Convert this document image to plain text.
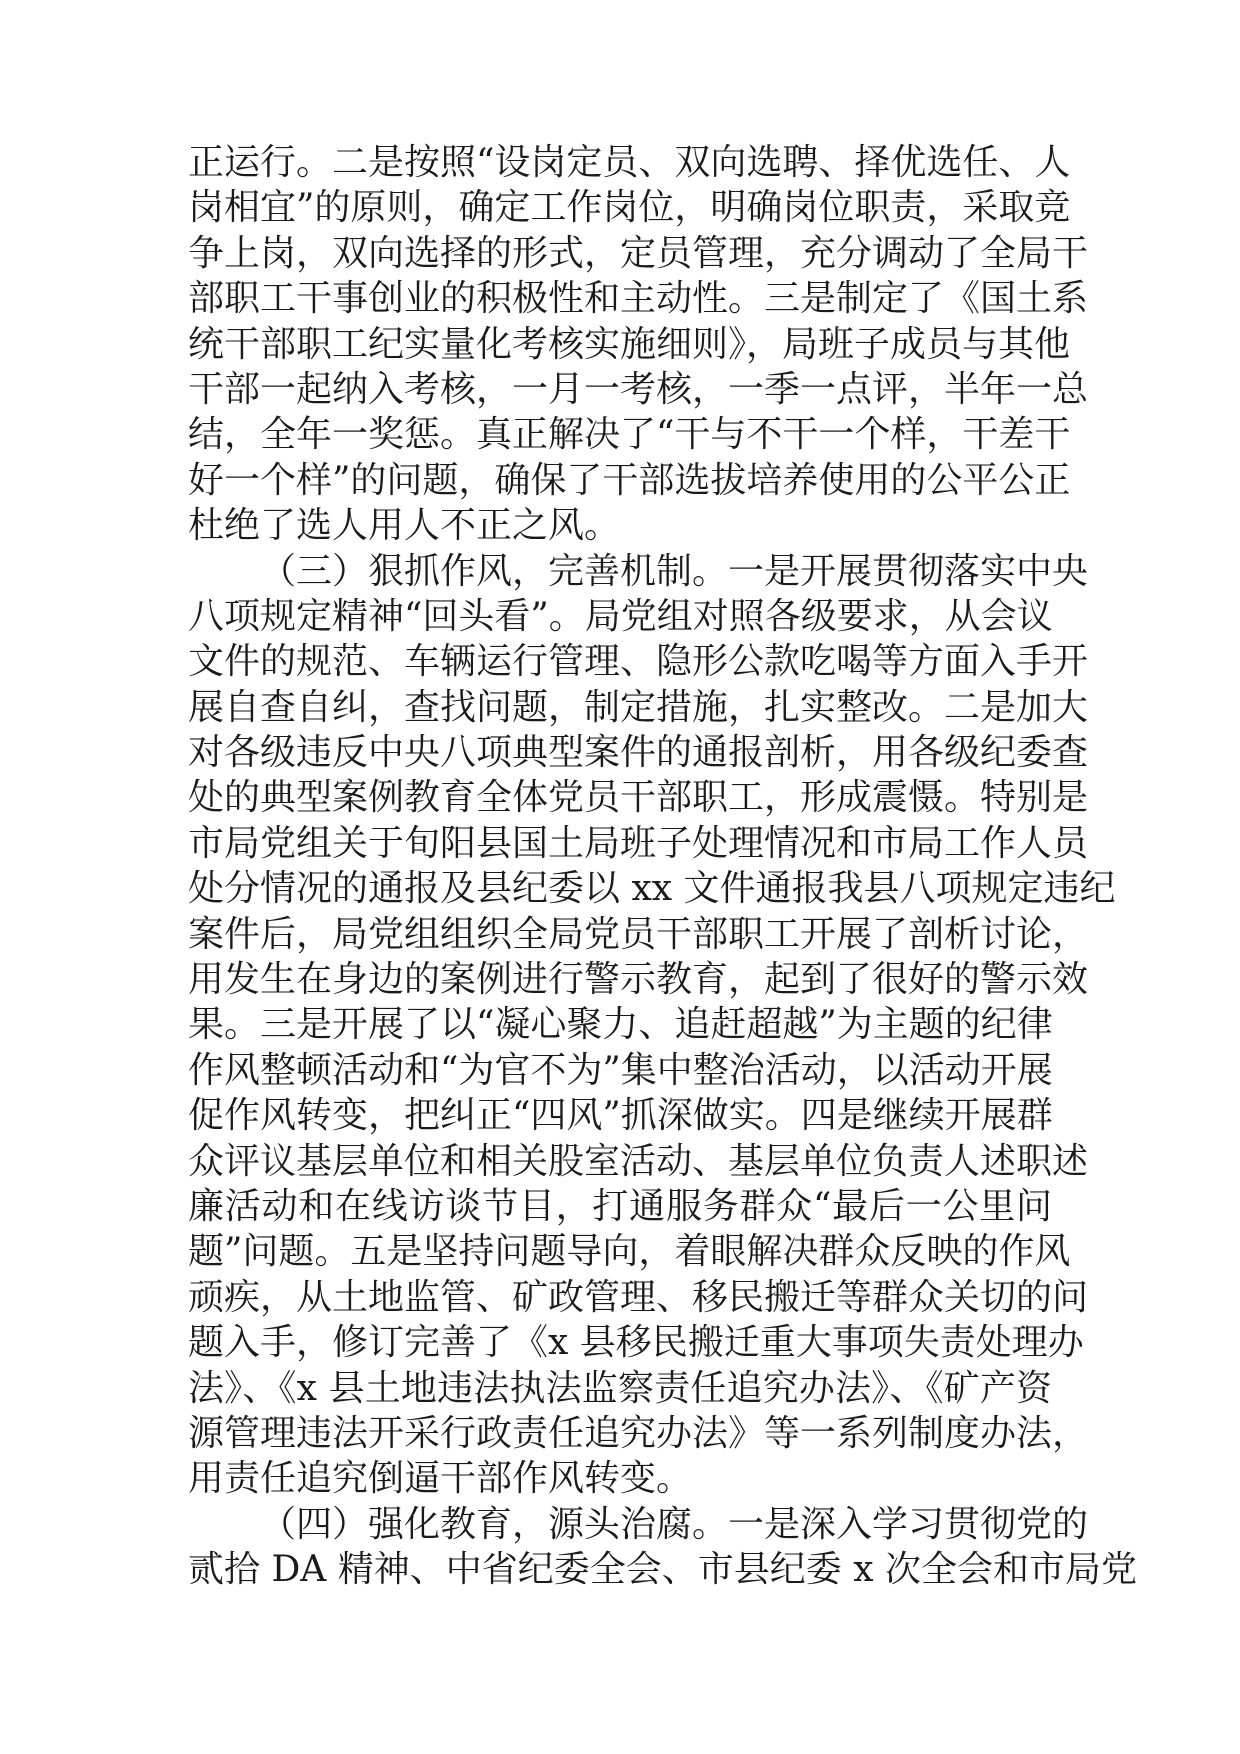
正运行。二是按照“设岗定员、双向选聘、择优选任、人
岗相宜”的原则，确定工作岗位，明确岗位职责，采取竞
争上岗，双向选择的形式，定员管理，充分调动了全局干
部职工干事创业的积极性和主动性。三是制定了《国土系
统干部职工纪实量化考核实施细则》，局班子成员与其他
干部一起纳入考核，一月一考核，一季一点评，半年一总
结，全年一奖惩。真正解决了“干与不干一个样，干差干
好一个样”的问题，确保了干部选拔培养使用的公平公正
杜绝了选人用人不正之风。
（三）狠抓作风，完善机制。一是开展贯彻落实中央
八项规定精神“回头看”。局党组对照各级要求，从会议
文件的规范、车辆运行管理、隐形公款吃喝等方面入手开
展自查自纠，查找问题，制定措施，扎实整改。二是加大
对各级违反中央八项典型案件的通报剖析，用各级纪委查
处的典型案例教育全体党员干部职工，形成震慑。特别是
市局党组关于旬阳县国土局班子处理情况和市局工作人员
处分情况的通报及县纪委以 xx 文件通报我县八项规定违纪
案件后，局党组组织全局党员干部职工开展了剖析讨论，
用发生在身边的案例进行警示教育，起到了很好的警示效
果。三是开展了以“凝心聚力、追赶超越”为主题的纪律
作风整顿活动和“为官不为”集中整治活动，以活动开展
促作风转变，把纠正“四风”抓深做实。四是继续开展群
众评议基层单位和相关股室活动、基层单位负责人述职述
廉活动和在线访谈节目，打通服务群众“最后一公里问
题”问题。五是坚持问题导向，着眼解决群众反映的作风
顽疾，从土地监管、矿政管理、移民搬迁等群众关切的问
题入手，修订完善了《x 县移民搬迁重大事项失责处理办
法》、《x 县土地违法执法监察责任追究办法》、《矿产资
源管理违法开采行政责任追究办法》等一系列制度办法，
用责任追究倒逼干部作风转变。
（四）强化教育，源头治腐。一是深入学习贯彻党的
贰拾 DA 精神、中省纪委全会、市县纪委 x 次全会和市局党
